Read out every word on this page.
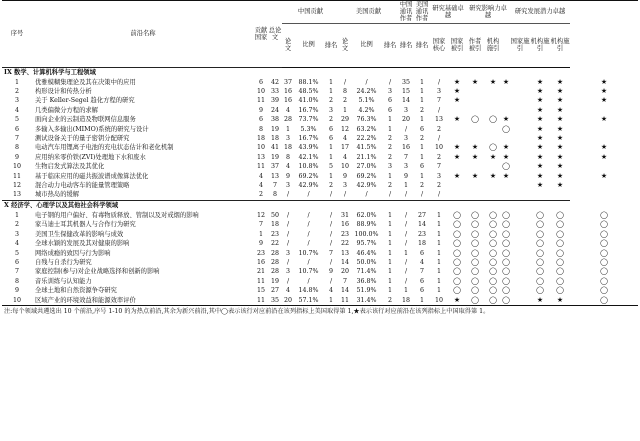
序号	前沿名称	贡献国家	总论文	中国贡献			美国贡献			中国通讯作者	美国通讯作者	研究基础卓越		研究影响力卓越			研究发展潜力卓越			
				论文	比例	排名	论文	比例	排名	排名	排名	国家核心	国家被引	作者被引	机构施引		国家施引	机构施引	机构施引	
IX 数学、计算机科学与工程领域																				
1	优雅模糊集理论及其在决策中的应用	6	42	37	88.1%	1	/	/	/	35	1	/	★	★	★	★		★	★	★
2	构形设计和传热分析	10	33	16	48.5%	1	8	24.2%	3	15	1	3	★					★	★	★
3	关于 Keller-Segel 趋化方程的研究	11	39	16	41.0%	2	2	5.1%	6	14	1	7	★					★	★	★
4	几类偏微分方程的求解	9	24	4	16.7%	3	1	4.2%	6	3	2	/						★	★	
5	面向企业的云制造及物联网信息服务	6	38	28	73.7%	2	29	76.3%	1	20	1	13	★	◯	◯	★		★	★	★
6	多输入多输出(MIMO)系统的研究与设计	8	19	1	5.3%	6	12	63.2%	1	/	6	2				◯		★	★	
7	测试设备关于的量子密钥分配研究	18	18	3	16.7%	6	4	22.2%	2	3	2	/						★	★	
8	电动汽车用锂离子电池的充电状态估计和老化机制	10	41	18	43.9%	1	17	41.5%	2	16	1	10	★	★	◯	★		★	★	★
9	应用纳米零价铁(ZVI)处理地下水和废水	13	19	8	42.1%	1	4	21.1%	2	7	1	2	★	★	★	★		★	★	★
10	生物启发式算法及其优化	11	37	4	10.8%	5	10	27.0%	3	3	6	7				◯		★	★	
11	基于临床应用的磁共振波谱成像算法优化	4	13	9	69.2%	1	9	69.2%	1	9	1	3	★	★	★	★		★	★	★
12	混合动力电动客车的能量管理策略	4	7	3	42.9%	2	3	42.9%	2	1	2	2						★	★	
13	城市热岛的缓解	2	8	/	/	/	/	/	/	/	/	/								
X 经济学、心理学以及其他社会科学领域																				
1	电子钢的用户偏好、有毒物质释放、管制以及对戒烟的影响	12	50	/	/	/	31	62.0%	1	/	27	1	◯	◯	◯	◯		◯	◯	◯
2	家马迪士耳其机器人与合作行为研究	7	18	/	/	/	16	88.9%	1	/	14	1	◯	◯	◯	◯		◯	◯	◯
3	美国卫生保健改革的影响与成效	1	23	/	/	/	23	100.0%	1	/	23	1	◯	◯	◯	◯		◯	◯	◯
4	全球水颖的发展及其对健康的影响	9	22	/	/	/	22	95.7%	1	/	18	1	◯	◯	◯	◯		◯	◯	◯
5	网络成瘾的致因与行为影响	23	28	3	10.7%	7	13	46.4%	1	1	6	1	◯	◯	◯	◯		◯	◯	◯
6	自残与自杀行为研究	16	28	/	/	/	14	50.0%	1	/	4	1	◯	◯	◯	◯		◯	◯	◯
7	家庭控制(参与)对企业战略选择和创新的影响	21	28	3	10.7%	9	20	71.4%	1	/	7	1	◯	◯	◯	◯		◯	◯	◯
8	音乐训练与认知能力	11	19	/	/	/	7	36.8%	1	/	6	1	◯	◯	◯	◯		◯	◯	◯
9	全球土地和自然资源争夺研究	15	27	4	14.8%	4	14	51.9%	1	1	6	1	◯	◯	◯	◯		◯	◯	◯
10	区域产业的环境效益和能源效率评价	11	35	20	57.1%	1	11	31.4%	2	18	1	10	★	◯	◯	◯		★	★	◯
注:每个领域共遴选出 10 个前沿,序号 1-10 的为热点前沿,其余为新兴前沿,其中◯表示该行对应前沿在该列指标上美国取得第 1,★表示该行对应前沿在该列指标上中国取得第 1。
